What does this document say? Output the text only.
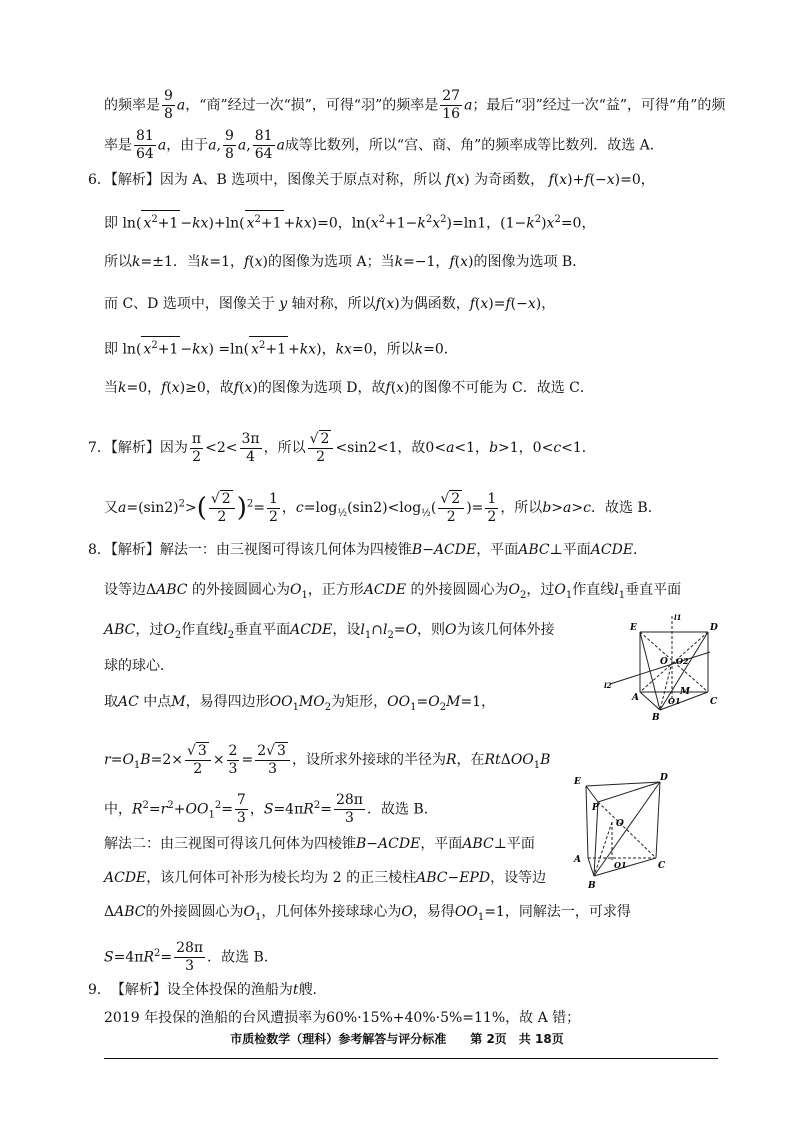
的频率是 $\frac{9}{8}$ a，“商”经过一次“损”，可得“羽”的频率是 $\frac{27}{16}$ a；最后“羽”经过一次“益”，可得“角”的频
率是 $\frac{81}{64}$ a，由于a, $\frac{9}{8} a$, $\frac{81}{64}$ a成等比数列，所以“宫、商、角”的频率成等比数列．故选 A．
6．【解析】因为 A、B 选项中，图像关于原点对称，所以 f(x) 为奇函数， f(x)+f(−x)=0，
即 ln( $x^2+1 -kx)+\ln$( $x^2+1 +kx)=0$，$\ln(x^2+1-k^2x^2)=\ln 1$，$(1-k^2)x^2=0$，
所以k=±1．当k=1，f(x)的图像为选项 A；当k=−1，f(x)的图像为选项 B．
而 C、D 选项中，图像关于 y 轴对称，所以f(x)为偶函数，f(x)=f(−x)，
即 ln( $x^2+1 -kx) =\ln$( $x^2+1 +kx$)，kx=0，所以k=0．
当k=0，f(x)≥0，故f(x)的图像为选项 D，故f(x)的图像不可能为 C．故选 C．
7．【解析】因为 $\frac{\pi}{2} <2< \frac{3\pi}{4}$ ，所以 $\frac{√ 2}{2} <\sin 2<1$，故0<a<1，b>1，0<c<1．
又$a=(\sin 2)^2>( \frac{√ 2}{2} )^2= \frac{1}{2}$ ，$c=\log_{\frac{1}{2}}(\sin 2)<\log_{\frac{1}{2}}( \frac{√ 2}{2}$ )= $\frac{1}{2}$ ，所以b>a>c．故选 B．
8．【解析】解法一：由三视图可得该几何体为四棱锥B−ACDE，平面ABC⊥平面ACDE．
设等边ΔABC 的外接圆圆心为$O_1$，正方形ACDE 的外接圆圆心为$O_2$，过$O_1$作直线$l_1$垂直平面
ABC，过$O_2$作直线$l_2$垂直平面ACDE，设$l_1\cap l_2=O$，则O为该几何体外接
球的球心．
取AC 中点M，易得四边形$OO_1MO_2$为矩形，$OO_1=O_2M=1$，
$r=O_1B=2\times \frac{√ 3}{2} \times \frac{2}{3} = \frac{2√ 3}{3}$ ，设所求外接球的半径为R，在RtΔOO$_1$B
中，$R^2=r^2+OO_1^2= \frac{7}{3}$ ，$S=4\pi R^2= \frac{28\pi}{3}$ ．故选 B．
解法二：由三视图可得该几何体为四棱锥B−ACDE，平面ABC⊥平面
ACDE，该几何体可补形为棱长均为 2 的正三棱柱ABC−EPD，设等边
ΔABC的外接圆圆心为$O_1$，几何体外接球球心为O，易得$OO_1=1$，同解法一，可求得
$S=4\pi R^2= \frac{28\pi}{3}$ ．故选 B．
9．　【解析】设全体投保的渔船为t艘．
2019 年投保的渔船的台风遭损率为60%·15%+40%·5%=11%，故 A 错；
E	D
l1
O O2
l2
A
M
B
O1	C
E	D
P
O
A	O1	C
B
市质检数学（理科）参考解答与评分标准　　第 2页　共 18页
